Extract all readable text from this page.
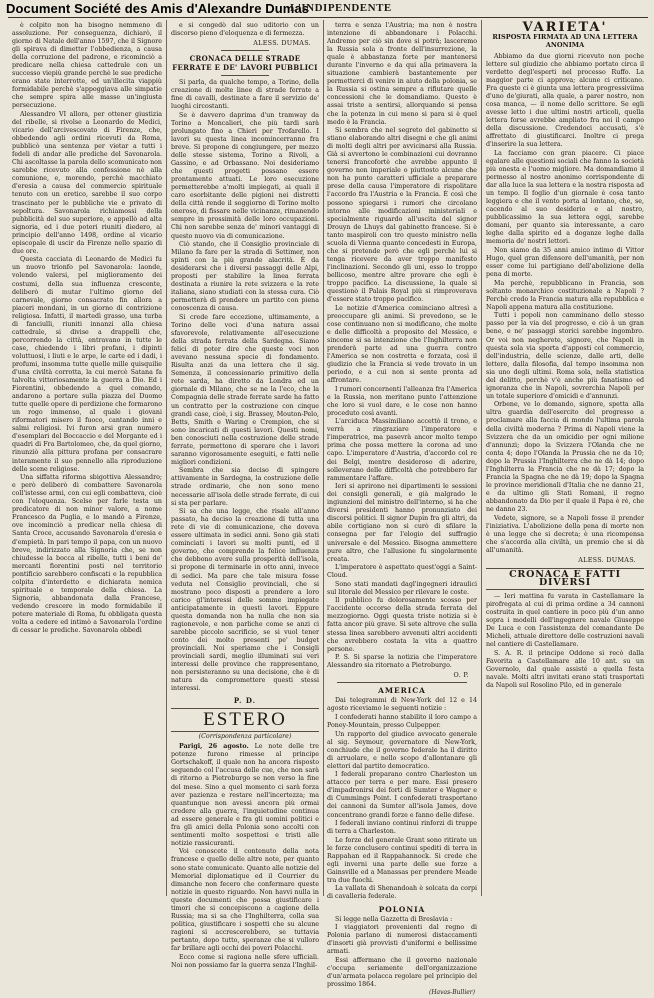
Document Société des Amis d'Alexandre Dumas
L'INDIPENDENTE

è colpito non ha bisogno nemmeno di assoluzione. Per conseguenza, dichiarò, il giorno di Natale dell'anno 1597, che il Signore gli spirava di dimetter l'obbedienza, a causa della corruzione del padrone, e ricominciò a predicare nella chiesa cattedrale con un successo viepiù grande perchè le sue prediche erano state interrotte, ed un'illecita viappiù formidabile perchè s'appoggiava alle simpatie che sempre spira alle masse un'ingiusta persecuzione.

Alessandro VI allora, per ottener giustizia del ribelle, si rivolse a Leonardo de Medici, vicario dell'arcivescovato di Firenze, che, obbedendo agli ordini ricevuti da Roma, pubblicò una sentenza per vietar a tutti i fedeli di andar alle prediche del Savonarola. Chi ascoltasse la parola dello scomunicato non sarebbe ricevuto alla confessione nè alla comunione, e, morendo, perchè macchiato d'eresia a causa del commercio spirituale tenuto con un eretico, sarebbe il suo corpo trascinato per le pubbliche vie e privato di sepoltura. Savonarola richiamossi della pubblicità del suo superiore, e appellò ad alta signoria, ed i due poteri riuniti diedero, al principio dell'anno 1498, ordine al vicario episcopale di uscir da Firenze nello spazio di due ore.

Questa cacciata di Leonardo de Medici fu un nuovo trionfo pel Savonarola: laonde, volendo valersi, pel miglioramento dei costumi, della sua influenza crescente, deliberò di mutar l'ultimo giorno del carnevale, giorno consacrato fin allora a piaceri mondani, in un giorno di contrizione religiosa. Infatti, il martedì grasso, una turba di fanciulli, riuniti innanzi alla chiesa cattedrale, si divise a drappelli che, percorrendo la città, entravano in tutte le case, chiedendo i libri profani, i dipinti voluttuosi, i liuti e le arpe, le carte ed i dadi, i profumi, insomma tutte quelle mille quisquilie d'una civiltà corrotta, la cui mercè Satana fa talvolta vittoriosamente la guerra a Dio. Ed i Fiorentini, obbedendo a quel comando, andarono a portare sulla piazza del Duomo tutte quelle opere di perdizione che formarono un rogo immenso, al quale i giovani riformatori misero il fuoco, cantando inni e salmi religiosi. Ivi furon arsi gran numero d'esemplari del Boccaccio e del Morgante ed i quadri di Fra Bartolomeo, che, da quel giorno, rinunziò alla pittura profana per consacrare interamente il suo pennello alla riproduzione delle scene religiose.

Una siffatta riforma sbigottiva Alessandro; e però deliberò di combattere Savonarola coll'istesse armi, con cui egli combatteva, cioè con l'eloquenza. Scelse per farle testa un predicatore di non minor valore, a nome Francesco da Puglia, e lo mandò a Firenze, ove incominciò a predicar nella chiesa di Santa Croce, accusando Savonarola d'eresia e d'empietà. In pari tempo il papa, con un nuovo breve, indirizzato alla Signoria che, se non chiudesse la bocca al ribelle, tutti i beni de' mercanti fiorentini posti nel territorio pontificio sarebbero confiscati e la repubblica colpita d'interdetto e dichiarata nemica spirituale e temporale della chiesa. La Signoria, abbandonata dalla Francese, vedendo crescere in modo formidabile il potere materiale di Roma, fu obbligata questa volta a cedere ed intimò a Savonarola l'ordine di cessar le prediche. Savonarola obbedì

e si congedò dal suo uditorio con un discorso pieno d'eloquenza e di fermezza.

ALESS. DUMAS.
CRONACA DELLE STRADE FERRATE E DE' LAVORI PUBBLICI

Si parla, da qualche tempo, a Torino, della creazione di molte linee di strade ferrate a fine di cavalli, destinate a fare il servizio de' luoghi circostanti.

Se è davvero daprima d'un tramway da Torino a Moncalieri, che più tardi sarà prolungato fino a Chieri per Trofarello. I lavori su questa linea incomincerranno fra breve. Si propone di congiungere, per mezzo delle stesse sistema, Torino a Rivoli, a Gassino, e ad Orbassano. Noi desideriamo che questi progetti possano essere prontamente attuati. Le loro esecuzione permetterebbe a'molti impiegati, ai quali il caro esorbitante delle pigioni nei distretti della città rende il soggiorno di Torino molto oneroso, di fissare nelle vicinanze, rimanendo sempre in prossimità delle loro occupazioni. Chi non sarebbe senza de' minori vantaggi di questo nuovo via di comunicazione.

Ciò stando, che il Consiglio provinciale di Milano fa fare per la strada di Settimer, non spinti con la più grande alacrità. È da desiderarsi che i diversi passaggi delle Alpi, proposti per stabilire la linea ferrata destinata a riunire la rete svizzera e la rete italiana, siano studiati con la stessa cura. Ciò permetterà di prendere un partito con piena conoscenza di causa.

Si crede fare eccezione, ultimamente, a Torino delle voci d'una natura assai sfavorevole, relativamente all'esecuzione della strada ferrata della Sardegna. Siamo felici di poter dire che queste voci non avevano nessuna specie di fondamento. Risulta anzi da una lettera che il sig. Semenza, il concessionario primitivo della rete sarda, ha diretto da Londra ed un giornale di Milano, che se ne la l'eco, che la Compagnia delle strade ferrate sarde ha fatto un contratto per la costruzione con cinque grandi case, cioè, i sig. Brassey, Mouton-Pelo, Betts, Smith e Waring e Crempion, che si sono incaricati di questi lavori. Questi nomi, ben conosciuti nella costruzione delle strade ferrate, permettono di sperare che i lavori saranno vigorosamente eseguiti, e fatti nelle migliori condizioni.

Sembra che sia deciso di spingere attivamente in Sardegna, la costruzione delle strade ordinarie, che non sono meno necessarie all'isola delle strade ferrate, di cui si sta per parlare.

Si sa che una legge, che risale all'anno passato, ha deciso la creazione di tutta una rete di vie di comunicazione, che doveva essere ultimata in sedici anni. Sono già stati cominciati i lavori su molti punti, ed il governo, che comprende la felice influenza che debbono avere sulla prosperità dell'isola, si propone di terminarle in otto anni, invece di sedici. Ma pare che tale misura fosse veduta nel Consiglio provinciali, che si mostrano poco disposti a prendere a loro carico gl'interessi delle somme impiegate anticipatamente in questi lavori. Eppure questa domanda non ha nulla che non sia ragionevole, e non parliche come se anzi ci sarebbe piccolo sacrificio, se si vuol tener conto dei molto presenti pe' budget provinciali. Noi speriamo che i Consigli provinciali sardi, meglio illuminati sui veri interessi delle province che rappresentano, non persisteranno su una decisione, che è di natura da compromettere questi stessi interessi.

P. D.
ESTERO
(Corrispondenza particolare)

Parigi, 26 agosto. Le note delle tre potenze furono rimesse al principe Gortschakoff, il quale non ha ancora risposto seguendo col l'accusa delle cue, che non sarà di ritorno a Pietroburgo se non verso la fine del mese. Sino a quel momento ci sarà forza aver pazienza e restare nell'incertezza; ma quantunque non avessi ancora più ormai credere alla guerra, l'inquietudine continua ad essere generale e fra gli uomini politici e fra gli amici della Polonia sono accolti con sentimenti molto sospettosi e tristi alle notizie rassicuranti.

Voi conoscete il contenuto della nota francese e quello delle altre note, per quanto sono state comunicate. Quanto alle notizie del Memorial diplomatique ed il Courrier du dimanche non fecero che confermare queste notizie in questo riguardo. Non havvi nulla in queste documenti che possa giustificare i timori che si concepiscono a cagione della Russia; ma si sa che l'Inghilterra, colla sua politica, giustificare i sospetti che su alcune ragioni si accrescerebbero, se tuttavia pertanto, dopo tutto, speranze che si vulloro far brillare agli occhi dei poveri Polacchi.

Ecco come si ragiona nelle sfere ufficiali. Noi non possiamo far la guerra senza l'Inghil-

terra e senza l'Austria; ma non è nostra intenzione di abbandonare i Polacchi. Andremo per ciò sin dove si potrà; lasceremo la Russia sola a fronte dell'insurrezione, la quale è abbastanza forte per mantenersi durante l'inverno e da qui alla primavera la situazione cambierà bastantemente per permetterci di venire in aiuto della polonia, se la Russia si ostina sempre a rifiutare quelle concessioni che le domandiamo. Questo è assai triste a sentirsi, allorquando si pensa che la potenza in cui meno si para si è quel medo è la Francia.

Si sembra che nel segreto del gabinetto si stiano elaborando altri disegni e che gli animi di molti degli altri per avvicinarsi alla Russia. Già si avvertono le combinazioni cui dovranno tenersi francofortè che avrebbe appunto il governo non imperiale o piuttosto alcune che non ha punto caratteri ufficiale a preparare prese della causa l'imperatore di rispolitare l'accordo fra l'Austria e la Francia. È così che possono spiegarsi i rumori che circolano intorno alle modificazioni ministeriali e specialmente riguardo all'uscita del signor Drouyn de Lhuys dal gabinetto francese. Si è tanto maspiroli con tro questo ministro nella scuola di Vienna quanto concedesti in Europa, che si pretende però che egli perchè lui si tenga ricevere da aver troppo manifesto l'inclinazioni. Secondo gli uni, esso lo troppo bellicoso, mentre altre provare che egli è troppo pacifico. La discussione, la quale si questionò il Palais Royal più si rimproverava d'essere stato troppo pacifico.

Le notizie d'America cominciano altresì a preoccupare gli animi. Si prevedono, se le cose continuano non si modificano, che molte e delle difficoltà a proposito del Messico, e sincome si sa intenzione che l'Inghilterra non prenderà parte ad una guerra contro l'America se non costretta e forzata, così il giudizio che la Francia si vede trovato in un periodo, e a cui non si sente pronta ad affrontare.

I rumori concernenti l'alleanza fra l'America e la Russia, non meritano punto l'attenzione che loro si vuol dare, e le cose non hanno proceduto così avanti.

L'arciduca Massimiliano accettò il trono, e verrà a ringraziare l'imperatore e l'imperatrice, ma pasevrà ancor molto tempo prima che possa mettere la corona ad uno capo. L'imperatore d'Austria, d'accordo col re dei Belgi, mentre desideroso di aderire, solleverano delle difficoltà che potrebbero far rammentare l'affare.

Ieri si aprirono nei dipartimenti le sessioni dei consigli generali, e già malgrado le ingiunzioni del ministro dell'interno, si ha che diversi presidenti hanno pronunziato dei discorsi politici. Il signor Dupin fra gli altri, da abile cortigiano non si curò di sfilare la consegna per far l'elogio del suffragio universale e del Messico. Bisogna ammettere pure altro, che l'allusione fu singolarmente creata.

L'imperatore è aspettato quest'oggi a Saint-Cloud.

Sono stati mandati dagl'ingegneri idraulici sul litorale del Messico per rilevare le coste.

Il pubblico fu dolorosamente scosso per l'accidente occorso della strada ferrata del mezzogiorno. Oggi questa triste notizia si è fatta ancor più grave. Sì sete altrove che sulla stessa linea sarebbero avvenuti altri accidenti che avrebbero costata la vita a quattro persone.

P. S. Si sparse la notizia che l'imperatore Alessandro sia ritornato a Pietroburgo.

O. P.
AMERICA

Dai telegrammi di New-York del 12 e 14 agosto riceviamo le seguenti notizie :

I confederati hanno stabilito il loro campo a Poney-Mountain, presso Culpepper.

Un rapporto del giudice avvocato generale al sig. Seymour, governatore di New-York, conchiude che il governo federale ha il diritto di arruolare, e nello scopo d'allontanare gli elettori dal partito democratico.

I federali preparano contro Charleston un attacco per terra e per mare. Essi presero d'impadronirsi dei forti di Sumter e Wagner e di Cummings Point. I confederati trasportano dei cannoni da Sumter all'isola James, dove concentrano grandi forze e fanno delle difese.

I federali inviano continui rinforzi di truppe di terra a Charleston.

Le forze del generale Grant sono ritirate un le forze conclusero continui spediti di terra in Rappahan ed il Rappahannock. Si crede che egli inverni una parte delle sue forze a Gainsville ed a Manassas per prendere Meade tra due fuochi.

La vallata di Shenandoah è solcata da corpi di cavalleria federale.

POLONIA

Si legge nella Gazzetta di Breslavia :

I viaggiatori provenienti dal regno di Polonia parlano di numerosi distaccamenti d'insorti già provvisti d'uniformi e bellissime armati.

Essi affermano che il governo nazionale c'occupa seriamente dell'organizzazione d'un'armata polacca regolare pel principio del prossimo 1864.

(Havas-Bullier)
VARIETA'
RISPOSTA FIRMATA AD UNA LETTERA ANONIMA

Abbiamo da due giorni ricevuto non poche lettere sul giudizio che abbiamo portato circa il verdetto degl'esperti nel processo Ruffo. La maggior parte ci approva; alcune ci criticano. Fra queste ci è giunta una lettera progressiviima d'uno de'giurati, alla quale, a parer nostro, non cosa manca, — il nome dello scrittore. Se egli avesse letto i due ultimi nostri articoli, quella lettera forse avrebbe ampliato fra noi il campo della discussione. Credendoci accusati, s'è affrettato di giustificarci. Inoltre ci prega d'inserire la sua lettera.

La facciamo con gran piacere. Ci piace egalare alle questioni sociali che fanno la società più onesta e l'uomo migliore. Ma domandiamo il permesso al nostro anonimo corrispondente di dar alla luce la sua lettera e la nostra risposta ad un tempo. Il foglio d'un giornale è cosa tanto leggiera e che il vento porta al lontano, che, se, cacendo al suo desiderio e al nostro, pubblicassimo la sua lettera oggi, sarebbe domani, per quanto sia interessante, a caro leghe dalla spirito ed a doganze leghe dalla memoria de' nostri lettori.

Non siamo da 35 anni amico intimo di Vittor Hugo, quel gran difensore dell'umanità, per non esser come lui partigiano dell'abolizione della pena di morte.

Ma perchè, repubblicano in Francia, son soltanto monarchico costituzionale a Napoli ? Perchè credo la Francia matura alla repubblica e Napoli appena matura alla costituzione.

Tutti i popoli non camminano dello stesso passo per la via del progresso, e ciò à un gran bene, e ne' passaggi storici sarebbe ingombro. Or voi non negherete, signore, che Napoli in questa sola via sporta d'apposti col commercio, dell'industria, delle scienze, dalle arti, delle lettere, dalla filosofia, dal tempo insomma non sia uno degli ultimi. Roma sola, nella statistica del delitto, perchè v'è anche più fanatismo ed ignoranza che in Napoli, sovrerchia Napoli per un totale superiore d'omicidi e d'annunzi.

Orbene, ve lo domando, signore, spetta alla ultra guardia dell'esercito del progresso a proclamare alla faccia di mondo l'ultima parola della civiltà moderna ? Prima di Napoli viene la Svizzera che da un omicidio per ogni milione d'annunzi; dopo la Svizzera l'Olanda che ne conta 4; dopo l'Olanda la Prussia che ne da 10; dopo la Prussia l'Inghilterra che ne dà 14; dopo l'Inghilterra la Francia che ne dà 17; dopo la Francia la Spagna che ne dà 19; dopo la Spagna le province meridionali d'Italia che ne danno 21, e da ultimo gli Stati Romani, il regno abbandonato da Dio per il quale il Papa è rè, che ne danno 23.

Vedete, signore, se a Napoli fosse il prender l'iniziativa. L'abolizione della pena di morte non è una legge che si decreta; è una ricompensa che s'accorda alla civiltà, un premio che si dà all'umanità.

ALESS. DUMAS.
CRONACA E FATTI DIVERSI

— Ieri mattina fu varata in Castellamare la pirofregata al cui di prima ordine a 34 cannoni costruita in quel cantiere in poco più d'un anno sopra i modelli dell'ingegnere navale Giuseppe De Luca e con l'assistenza del comandante De Micheli, attuale direttore delle costruzioni navali nel cantiere di Castellamare.

S. A. R. il principe Oddone si recò dalla Favorita a Castellamare alle 10 ant. su un Governolo, dal quale assisté a quella festa navale. Molti altri invitati erano stati trasportati da Napoli sul Rosolino Pilo, ed in generale
